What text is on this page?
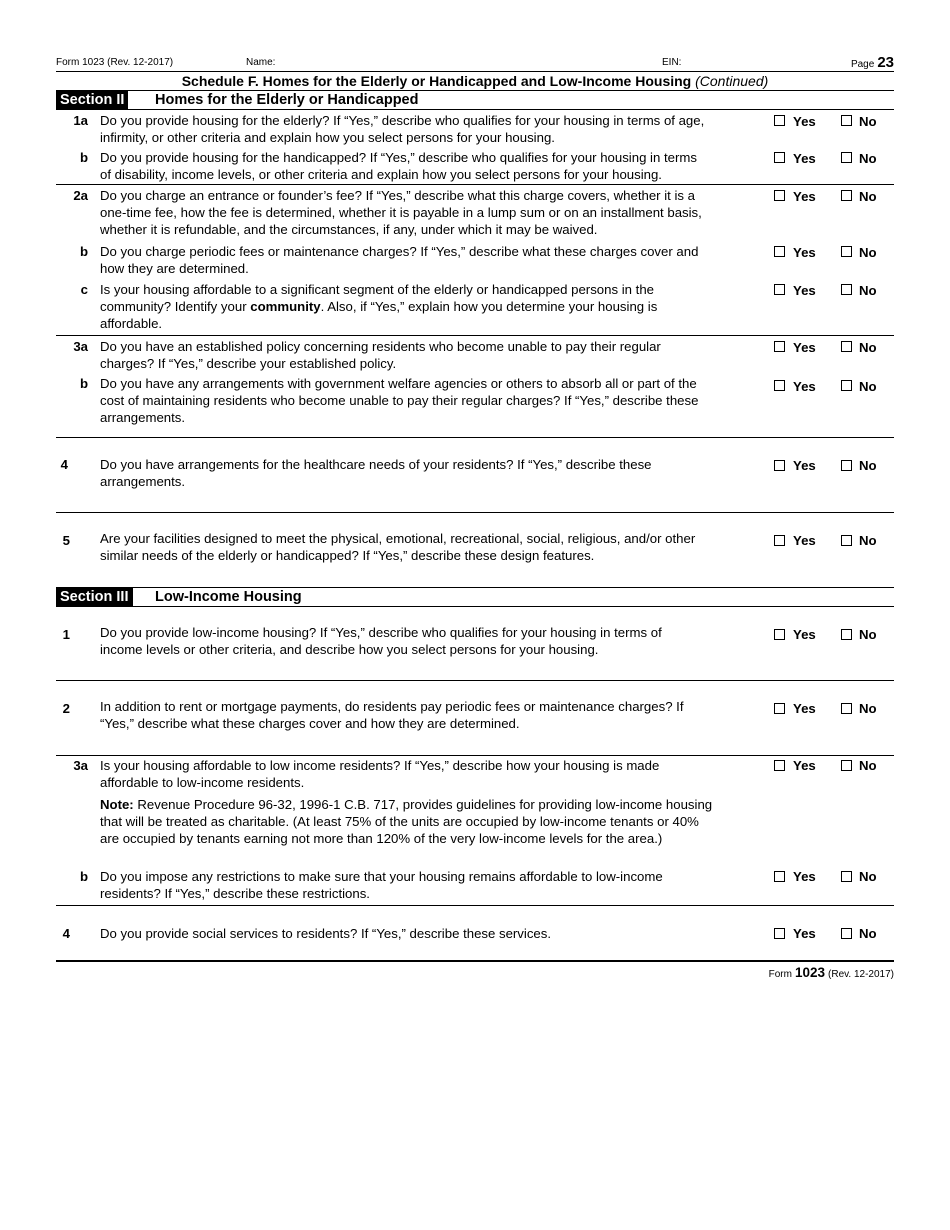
Form 1023 (Rev. 12-2017)	Name:	EIN:	Page 23
Schedule F. Homes for the Elderly or Handicapped and Low-Income Housing (Continued)
Section II Homes for the Elderly or Handicapped
1a Do you provide housing for the elderly? If “Yes,” describe who qualifies for your housing in terms of age,
infirmity, or other criteria and explain how you select persons for your housing.
Yes	No
b Do you provide housing for the handicapped? If “Yes,” describe who qualifies for your housing in terms
of disability, income levels, or other criteria and explain how you select persons for your housing.
Yes	No
2a Do you charge an entrance or founder’s fee? If “Yes,” describe what this charge covers, whether it is a
one-time fee, how the fee is determined, whether it is payable in a lump sum or on an installment basis,
whether it is refundable, and the circumstances, if any, under which it may be waived.
Yes	No
b Do you charge periodic fees or maintenance charges? If “Yes,” describe what these charges cover and
how they are determined.
Yes	No
c Is your housing affordable to a significant segment of the elderly or handicapped persons in the
community? Identify your community. Also, if “Yes,” explain how you determine your housing is
affordable.
Yes	No
3a Do you have an established policy concerning residents who become unable to pay their regular
charges? If “Yes,” describe your established policy.
Yes	No
b Do you have any arrangements with government welfare agencies or others to absorb all or part of the
cost of maintaining residents who become unable to pay their regular charges? If “Yes,” describe these
arrangements.
Yes	No
4 Do you have arrangements for the healthcare needs of your residents? If “Yes,” describe these
arrangements.
Yes	No
5 Are your facilities designed to meet the physical, emotional, recreational, social, religious, and/or other
similar needs of the elderly or handicapped? If “Yes,” describe these design features.
Yes	No
Section III Low-Income Housing
1 Do you provide low-income housing? If “Yes,” describe who qualifies for your housing in terms of
income levels or other criteria, and describe how you select persons for your housing.
Yes	No
2 In addition to rent or mortgage payments, do residents pay periodic fees or maintenance charges? If
“Yes,” describe what these charges cover and how they are determined.
Yes	No
3a Is your housing affordable to low income residents? If “Yes,” describe how your housing is made
affordable to low-income residents.
Note: Revenue Procedure 96-32, 1996-1 C.B. 717, provides guidelines for providing low-income housing
that will be treated as charitable. (At least 75% of the units are occupied by low-income tenants or 40%
are occupied by tenants earning not more than 120% of the very low-income levels for the area.)
Yes	No
b Do you impose any restrictions to make sure that your housing remains affordable to low-income
residents? If “Yes,” describe these restrictions.
Yes	No
4 Do you provide social services to residents? If “Yes,” describe these services.	Yes	No
Form 1023 (Rev. 12-2017)
